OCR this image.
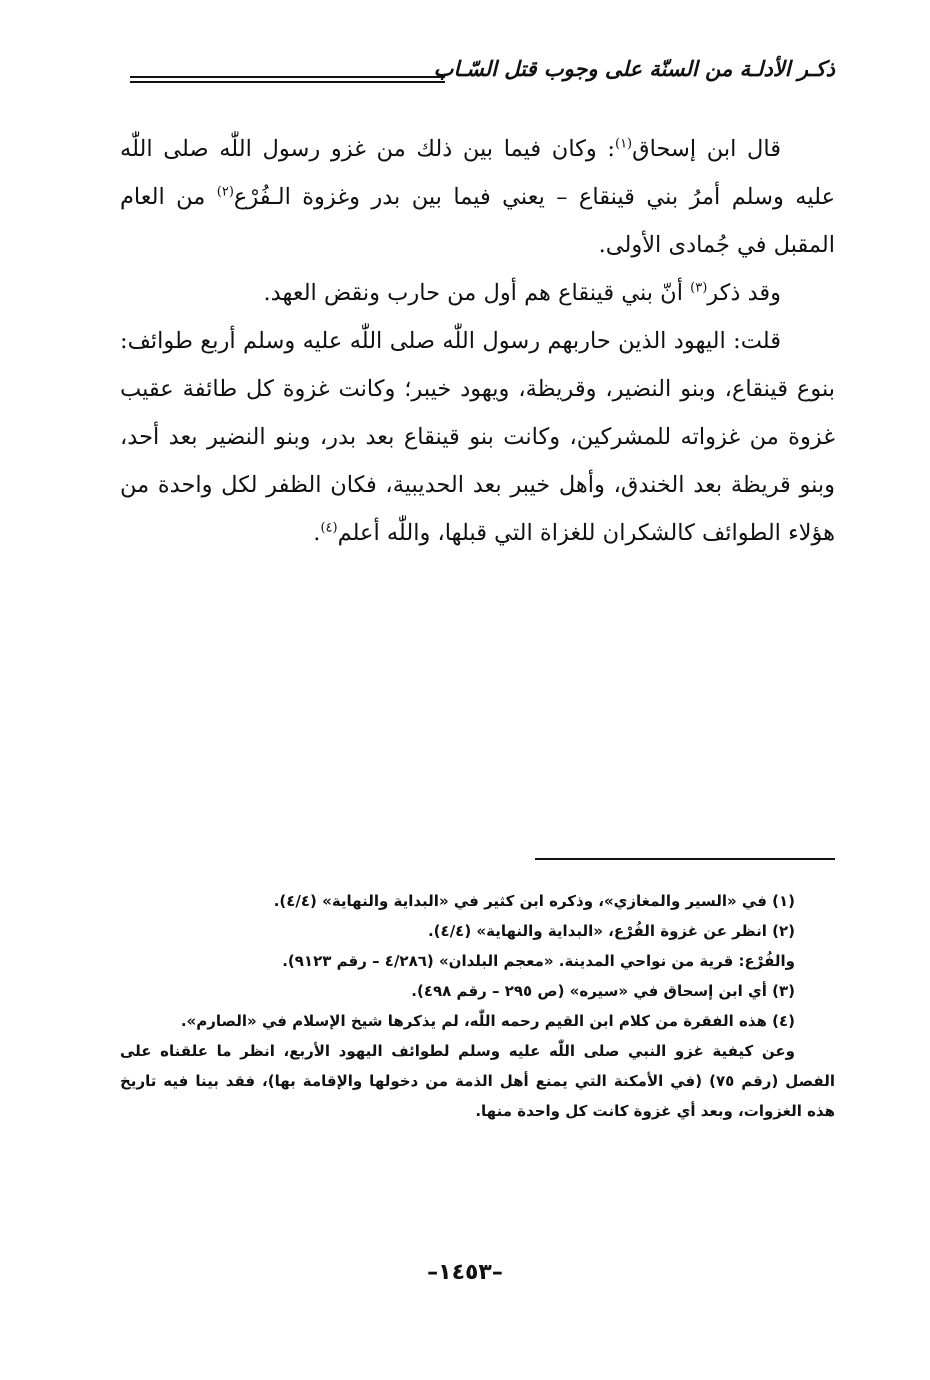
ذكـر الأدلـة من السنّة على وجوب قتل السّـاب

قال ابن إسحاق$^{(١)}$: وكان فيما بين ذلك من غزو رسول اللّٰه صلى اللّٰه عليه وسلم أمرُ بني قينقاع – يعني فيما بين بدر وغزوة الـفُرْع$^{(٢)}$ من العام المقبل في جُمادى الأولى.

وقد ذكر$^{(٣)}$ أنّ بني قينقاع هم أول من حارب ونقض العهد.

قلت: اليهود الذين حاربهم رسول اللّٰه صلى اللّٰه عليه وسلم أربع طوائف: بنوع قينقاع، وبنو النضير، وقريظة، ويهود خيبر؛ وكانت غزوة كل طائفة عقيب غزوة من غزواته للمشركين، وكانت بنو قينقاع بعد بدر، وبنو النضير بعد أحد، وبنو قريظة بعد الخندق، وأهل خيبر بعد الحديبية، فكان الظفر لكل واحدة من هؤلاء الطوائف كالشكران للغزاة التي قبلها، واللّٰه أعلم$^{(٤)}$.

(١) في «السير والمغازي»، وذكره ابن كثير في «البداية والنهاية» (٤/٤).

(٢) انظر عن غزوة الفُرْع، «البداية والنهاية» (٤/٤).

والفُرْع: قرية من نواحي المدينة. «معجم البلدان» (٤/٢٨٦ – رقم ٩١٢٣).

(٣) أي ابن إسحاق في «سيره» (ص ٢٩٥ – رقم ٤٩٨).

(٤) هذه الفقرة من كلام ابن القيم رحمه اللّٰه، لم يذكرها شيخ الإسلام في «الصارم».

وعن كيفية غزو النبي صلى اللّٰه عليه وسلم لطوائف اليهود الأربع، انظر ما علقناه على الفصل (رقم ٧٥) (في الأمكنة التي يمنع أهل الذمة من دخولها والإقامة بها)، فقد بينا فيه تاريخ هذه الغزوات، وبعد أي غزوة كانت كل واحدة منها.

–١٤٥٣–
